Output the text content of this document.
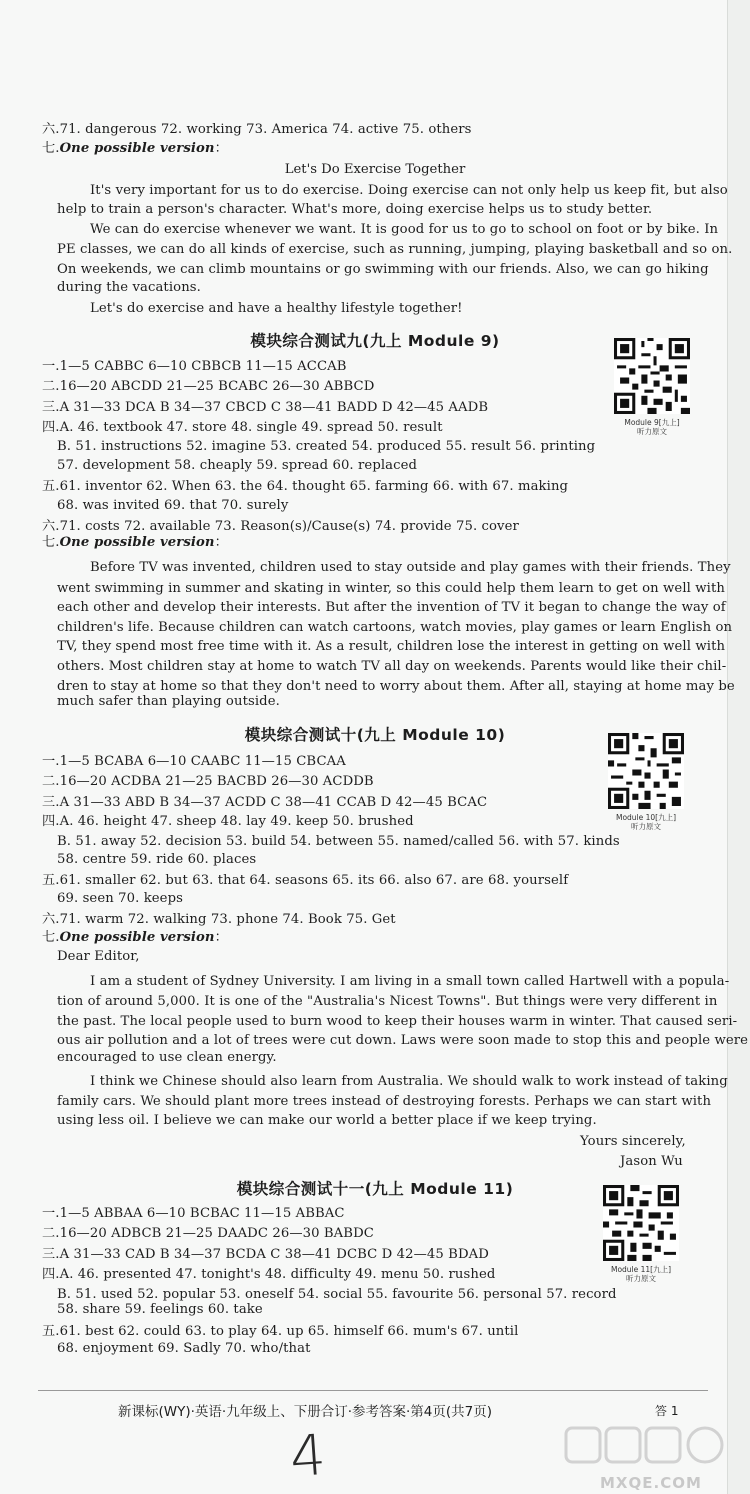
六.71. dangerous 72. working 73. America 74. active 75. others
七.One possible version：
Let's Do Exercise Together
It's very important for us to do exercise. Doing exercise can not only help us keep fit, but also
help to train a person's character. What's more, doing exercise helps us to study better.
We can do exercise whenever we want. It is good for us to go to school on foot or by bike. In
PE classes, we can do all kinds of exercise, such as running, jumping, playing basketball and so on.
On weekends, we can climb mountains or go swimming with our friends. Also, we can go hiking
during the vacations.
Let's do exercise and have a healthy lifestyle together!
模块综合测试九(九上 Module 9)
Module 9[九上]
听力原文
一.1—5 CABBC 6—10 CBBCB 11—15 ACCAB
二.16—20 ABCDD 21—25 BCABC 26—30 ABBCD
三.A 31—33 DCA B 34—37 CBCD C 38—41 BADD D 42—45 AADB
四.A. 46. textbook 47. store 48. single 49. spread 50. result
B. 51. instructions 52. imagine 53. created 54. produced 55. result 56. printing
57. development 58. cheaply 59. spread 60. replaced
五.61. inventor 62. When 63. the 64. thought 65. farming 66. with 67. making
68. was invited 69. that 70. surely
六.71. costs 72. available 73. Reason(s)/Cause(s) 74. provide 75. cover
七.One possible version：
Before TV was invented, children used to stay outside and play games with their friends. They
went swimming in summer and skating in winter, so this could help them learn to get on well with
each other and develop their interests. But after the invention of TV it began to change the way of
children's life. Because children can watch cartoons, watch movies, play games or learn English on
TV, they spend most free time with it. As a result, children lose the interest in getting on well with
others. Most children stay at home to watch TV all day on weekends. Parents would like their chil-
dren to stay at home so that they don't need to worry about them. After all, staying at home may be
much safer than playing outside.
模块综合测试十(九上 Module 10)
Module 10[九上]
听力原文
一.1—5 BCABA 6—10 CAABC 11—15 CBCAA
二.16—20 ACDBA 21—25 BACBD 26—30 ACDDB
三.A 31—33 ABD B 34—37 ACDD C 38—41 CCAB D 42—45 BCAC
四.A. 46. height 47. sheep 48. lay 49. keep 50. brushed
B. 51. away 52. decision 53. build 54. between 55. named/called 56. with 57. kinds
58. centre 59. ride 60. places
五.61. smaller 62. but 63. that 64. seasons 65. its 66. also 67. are 68. yourself
69. seen 70. keeps
六.71. warm 72. walking 73. phone 74. Book 75. Get
七.One possible version：
Dear Editor,
I am a student of Sydney University. I am living in a small town called Hartwell with a popula-
tion of around 5,000. It is one of the "Australia's Nicest Towns". But things were very different in
the past. The local people used to burn wood to keep their houses warm in winter. That caused seri-
ous air pollution and a lot of trees were cut down. Laws were soon made to stop this and people were
encouraged to use clean energy.
I think we Chinese should also learn from Australia. We should walk to work instead of taking
family cars. We should plant more trees instead of destroying forests. Perhaps we can start with
using less oil. I believe we can make our world a better place if we keep trying.
Yours sincerely,
Jason Wu
模块综合测试十一(九上 Module 11)
Module 11[九上]
听力原文
一.1—5 ABBAA 6—10 BCBAC 11—15 ABBAC
二.16—20 ADBCB 21—25 DAADC 26—30 BABDC
三.A 31—33 CAD B 34—37 BCDA C 38—41 DCBC D 42—45 BDAD
四.A. 46. presented 47. tonight's 48. difficulty 49. menu 50. rushed
B. 51. used 52. popular 53. oneself 54. social 55. favourite 56. personal 57. record
58. share 59. feelings 60. take
五.61. best 62. could 63. to play 64. up 65. himself 66. mum's 67. until
68. enjoyment 69. Sadly 70. who/that
新课标(WY)·英语·九年级上、下册合订·参考答案·第4页(共7页)	答 1
4	MXQE.COM
